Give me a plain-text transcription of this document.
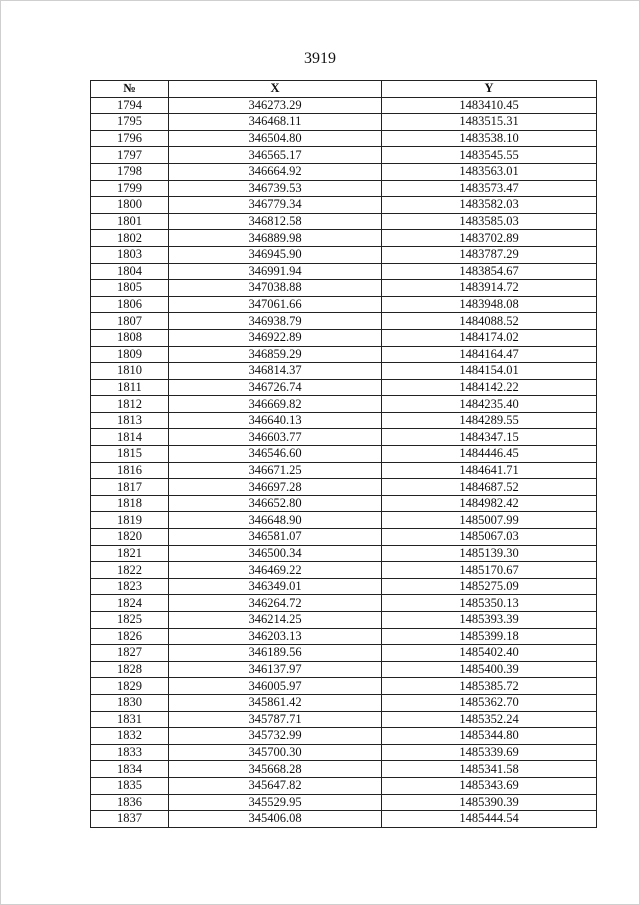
3919
№	X	Y
1794	346273.29	1483410.45
1795	346468.11	1483515.31
1796	346504.80	1483538.10
1797	346565.17	1483545.55
1798	346664.92	1483563.01
1799	346739.53	1483573.47
1800	346779.34	1483582.03
1801	346812.58	1483585.03
1802	346889.98	1483702.89
1803	346945.90	1483787.29
1804	346991.94	1483854.67
1805	347038.88	1483914.72
1806	347061.66	1483948.08
1807	346938.79	1484088.52
1808	346922.89	1484174.02
1809	346859.29	1484164.47
1810	346814.37	1484154.01
1811	346726.74	1484142.22
1812	346669.82	1484235.40
1813	346640.13	1484289.55
1814	346603.77	1484347.15
1815	346546.60	1484446.45
1816	346671.25	1484641.71
1817	346697.28	1484687.52
1818	346652.80	1484982.42
1819	346648.90	1485007.99
1820	346581.07	1485067.03
1821	346500.34	1485139.30
1822	346469.22	1485170.67
1823	346349.01	1485275.09
1824	346264.72	1485350.13
1825	346214.25	1485393.39
1826	346203.13	1485399.18
1827	346189.56	1485402.40
1828	346137.97	1485400.39
1829	346005.97	1485385.72
1830	345861.42	1485362.70
1831	345787.71	1485352.24
1832	345732.99	1485344.80
1833	345700.30	1485339.69
1834	345668.28	1485341.58
1835	345647.82	1485343.69
1836	345529.95	1485390.39
1837	345406.08	1485444.54
